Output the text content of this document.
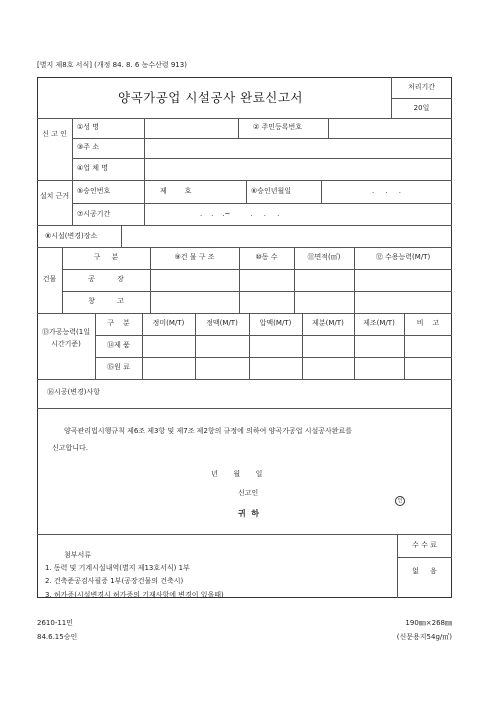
[별지 제8호 서식] (개정 84. 8. 6 농수산령 913)
양곡가공업 시설공사 완료신고서
처리기간
20일
신 고 인
①성 명	② 주민등록번호
③주 소
④업 체 명
설치 근거
⑤승인번호	제        호	⑥승인년월일	.     .     .
⑦시공기간	.    .    .~         .     .     .
⑧시설(변경)장소
건물
구     분	⑨건 물 구 조	⑩동 수	⑪면적(㎡)	⑫ 수용능력(M/T)
공          장
창          고
⑬가공능력(1일시간기준)
구    분	정미(M/T)	정맥(M/T)	압맥(M/T)	제분(M/T)	제조(M/T)	비    고
⑭제 품
⑮원 료
⑯시공(변경)사항
양곡관리법시행규칙 제6조 제3항 및 제7조 제2항의 규정에 의하여 양곡가공업 시설공사완료를
신고합니다.
년       월       일
신고인
인
귀  하
첨부서류
1. 동력 및 기계시설내역(별지 제13호서식) 1부
2. 건축준공검사필증 1부(공장건물의 건축시)
3. 허가증(시설변경시 허가증의 기재사항에 변경이 있을때)
수 수 료
없     음
2610-11민	190㎜×268㎜
84.6.15승인	(신문용지54g/㎡)
